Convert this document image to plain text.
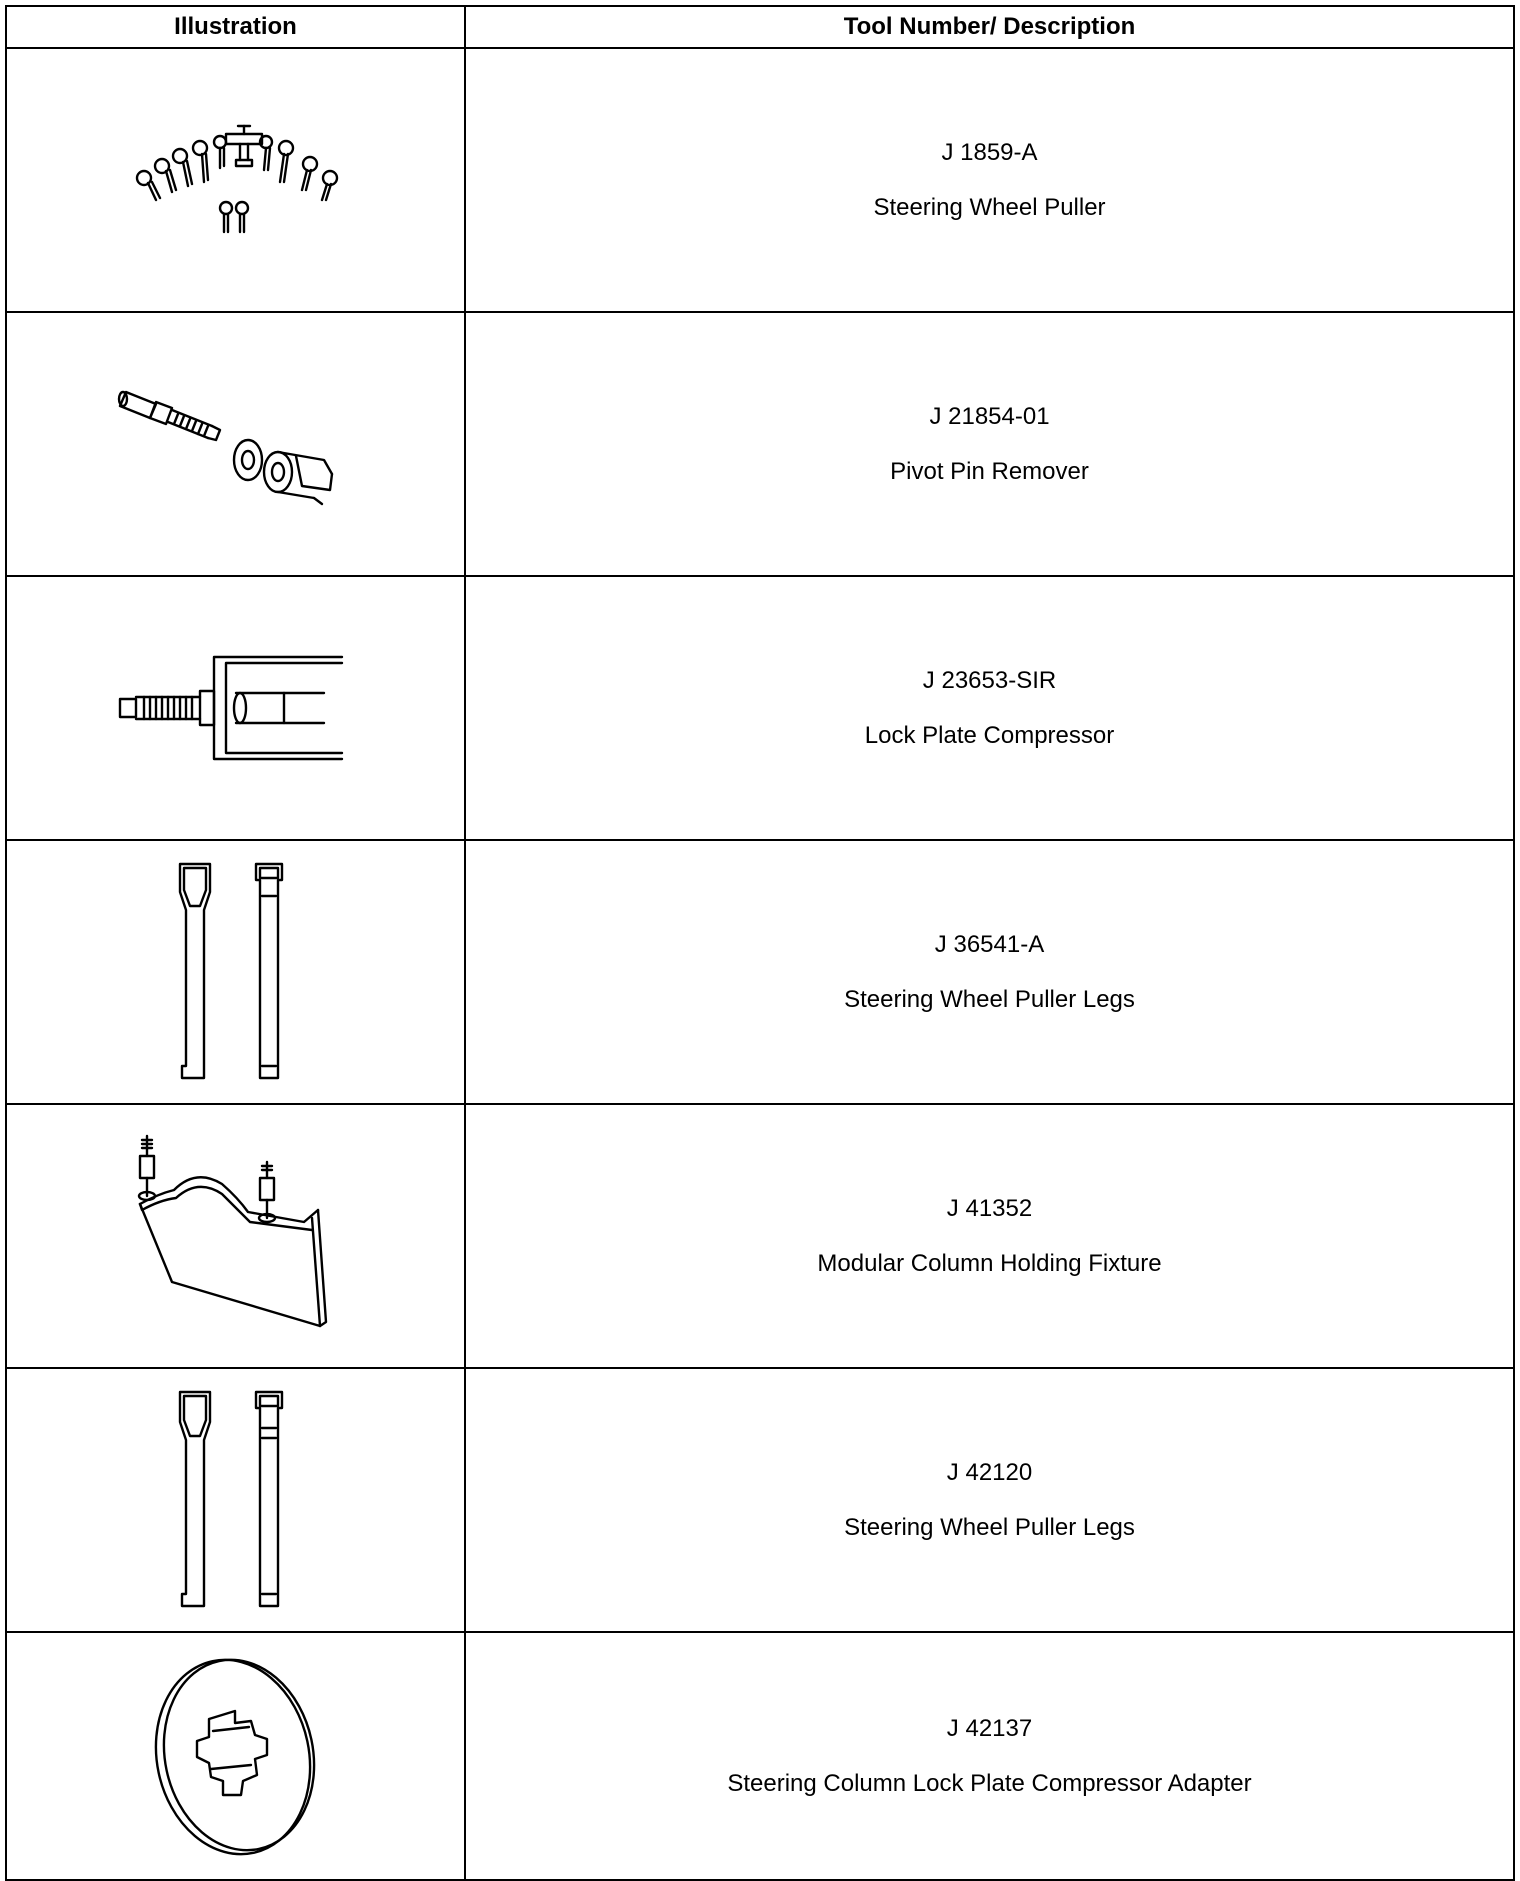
Illustration	Tool Number/ Description

J 1859-A
Steering Wheel Puller

J 21854-01
Pivot Pin Remover

J 23653-SIR
Lock Plate Compressor

J 36541-A
Steering Wheel Puller Legs

J 41352
Modular Column Holding Fixture

J 42120
Steering Wheel Puller Legs

J 42137
Steering Column Lock Plate Compressor Adapter
